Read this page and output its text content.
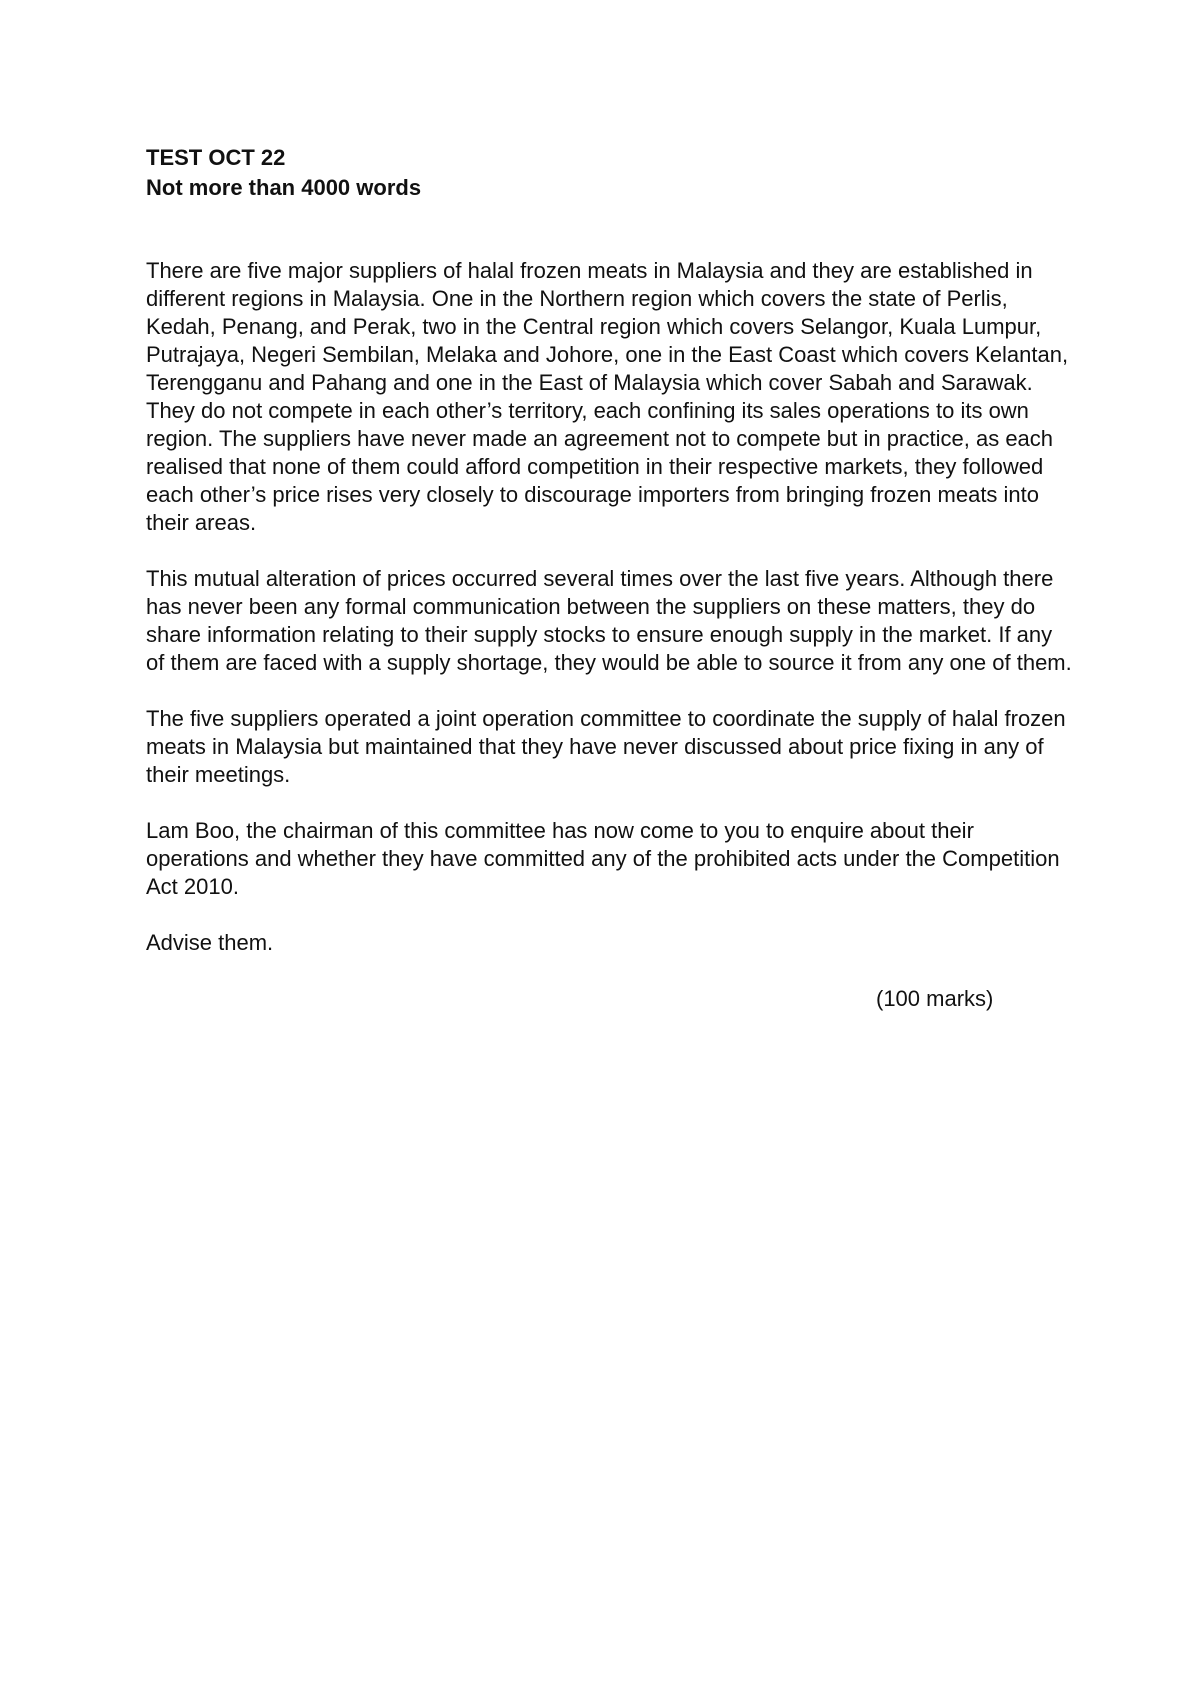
TEST OCT 22

Not more than 4000 words

There are five major suppliers of halal frozen meats in Malaysia and they are established in different regions in Malaysia. One in the Northern region which covers the state of Perlis, Kedah, Penang, and Perak, two in the Central region which covers Selangor, Kuala Lumpur, Putrajaya, Negeri Sembilan, Melaka and Johore, one in the East Coast which covers Kelantan, Terengganu and Pahang and one in the East of Malaysia which cover Sabah and Sarawak. They do not compete in each other’s territory, each confining its sales operations to its own region. The suppliers have never made an agreement not to compete but in practice, as each realised that none of them could afford competition in their respective markets, they followed each other’s price rises very closely to discourage importers from bringing frozen meats into their areas.

This mutual alteration of prices occurred several times over the last five years. Although there has never been any formal communication between the suppliers on these matters, they do share information relating to their supply stocks to ensure enough supply in the market. If any of them are faced with a supply shortage, they would be able to source it from any one of them.

The five suppliers operated a joint operation committee to coordinate the supply of halal frozen meats in Malaysia but maintained that they have never discussed about price fixing in any of their meetings.

Lam Boo, the chairman of this committee has now come to you to enquire about their operations and whether they have committed any of the prohibited acts under the Competition Act 2010.

Advise them.

(100 marks)
